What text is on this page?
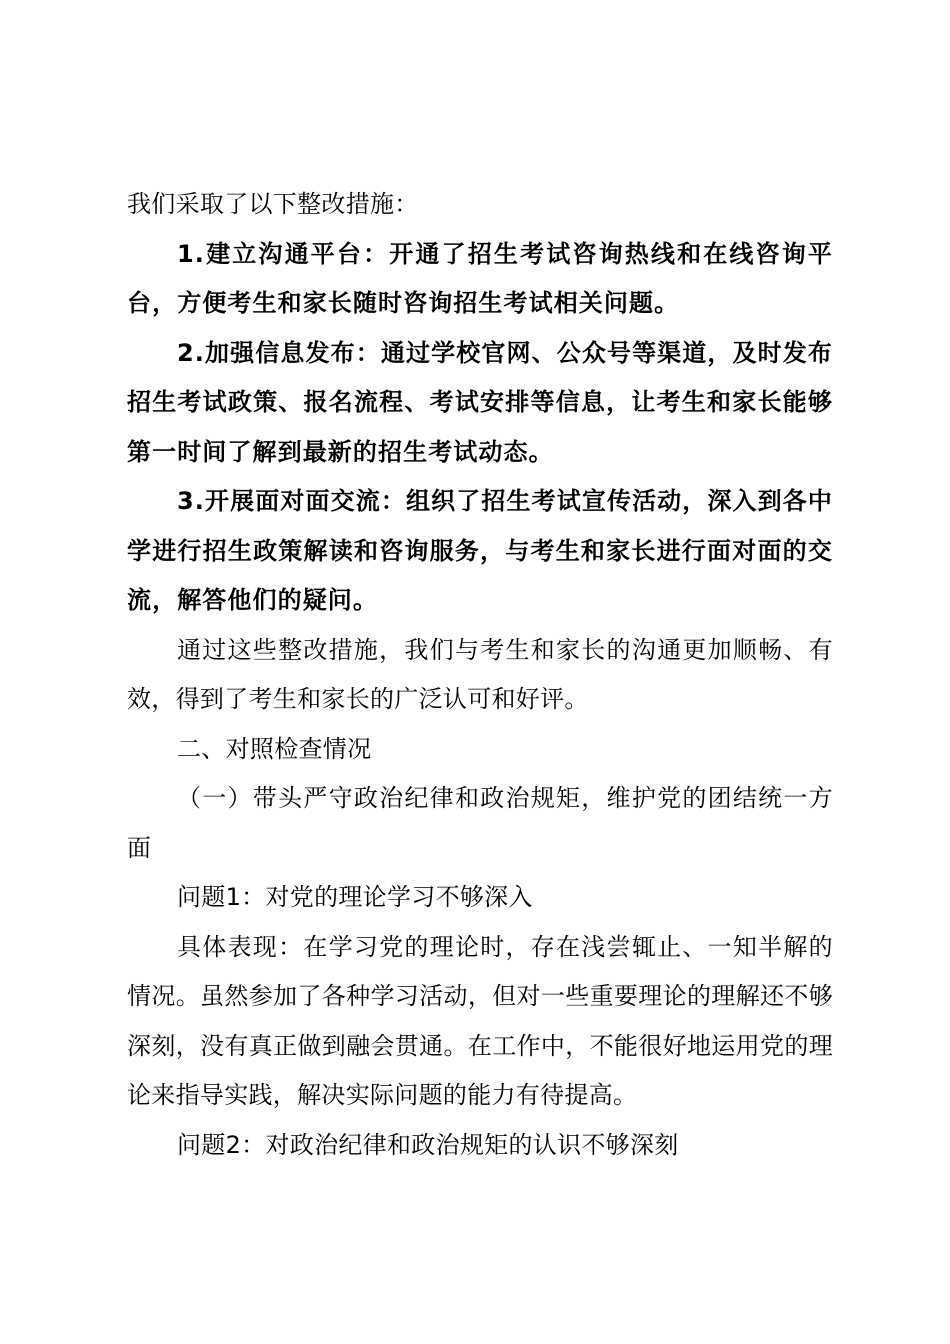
我们采取了以下整改措施：

1.建立沟通平台：开通了招生考试咨询热线和在线咨询平台，方便考生和家长随时咨询招生考试相关问题。

2.加强信息发布：通过学校官网、公众号等渠道，及时发布招生考试政策、报名流程、考试安排等信息，让考生和家长能够第一时间了解到最新的招生考试动态。

3.开展面对面交流：组织了招生考试宣传活动，深入到各中学进行招生政策解读和咨询服务，与考生和家长进行面对面的交流，解答他们的疑问。

通过这些整改措施，我们与考生和家长的沟通更加顺畅、有效，得到了考生和家长的广泛认可和好评。

二、对照检查情况

（一）带头严守政治纪律和政治规矩，维护党的团结统一方面

问题1：对党的理论学习不够深入

具体表现：在学习党的理论时，存在浅尝辄止、一知半解的情况。虽然参加了各种学习活动，但对一些重要理论的理解还不够深刻，没有真正做到融会贯通。在工作中，不能很好地运用党的理论来指导实践，解决实际问题的能力有待提高。

问题2：对政治纪律和政治规矩的认识不够深刻
